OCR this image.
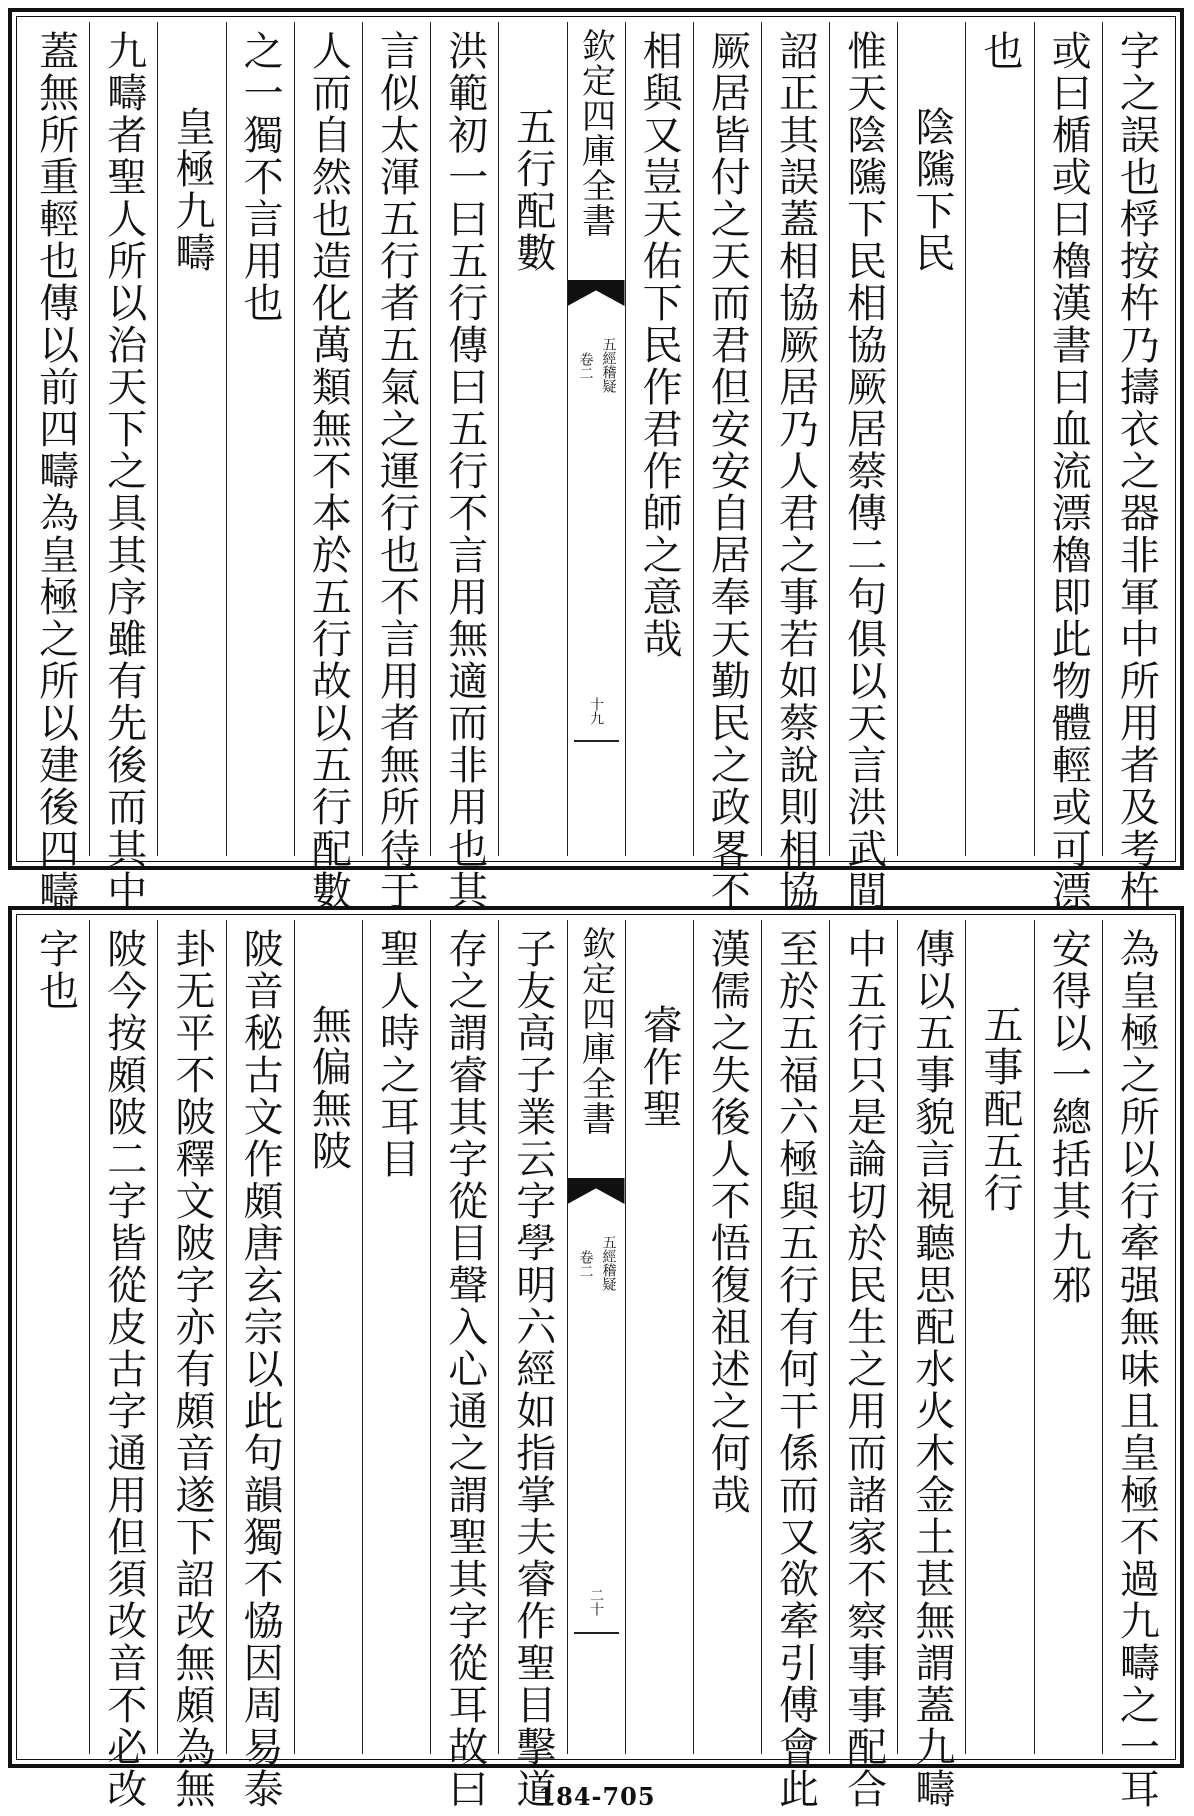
字之誤也桴按杵乃擣衣之器非軍中所用者及考杵
或曰楯或曰櫓漢書曰血流漂櫓即此物體輕或可漂
也
陰隲下民
惟天陰隲下民相協厥居蔡傳二句俱以天言洪武間
詔正其誤蓋相協厥居乃人君之事若如蔡說則相協
厥居皆付之天而君但安安自居奉天勤民之政畧不
相與又豈天佑下民作君作師之意哉
欽定四庫全書
五經稽疑
卷二
十九
五行配數
洪範初一曰五行傳曰五行不言用無適而非用也其
言似太渾五行者五氣之運行也不言用者無所待于
人而自然也造化萬類無不本於五行故以五行配數
之一獨不言用也
皇極九疇
九疇者聖人所以治天下之具其序雖有先後而其中
蓋無所重輕也傳以前四疇為皇極之所以建後四疇
為皇極之所以行牽强無味且皇極不過九疇之一耳
安得以一總括其九邪
五事配五行
傳以五事貌言視聽思配水火木金土甚無謂蓋九疇
中五行只是論切於民生之用而諸家不察事事配合
至於五福六極與五行有何干係而又欲牽引傅會此
漢儒之失後人不悟復祖述之何哉
睿作聖
欽定四庫全書
五經稽疑
卷二
二十
子友高子業云字學明六經如指掌夫睿作聖目擊道
存之謂睿其字從目聲入心通之謂聖其字從耳故曰
聖人時之耳目
無偏無陂
陂音秘古文作頗唐玄宗以此句韻獨不恊因周易泰
卦无平不陂釋文陂字亦有頗音遂下詔改無頗為無
陂今按頗陂二字皆從皮古字通用但須改音不必改
字也
184-705
